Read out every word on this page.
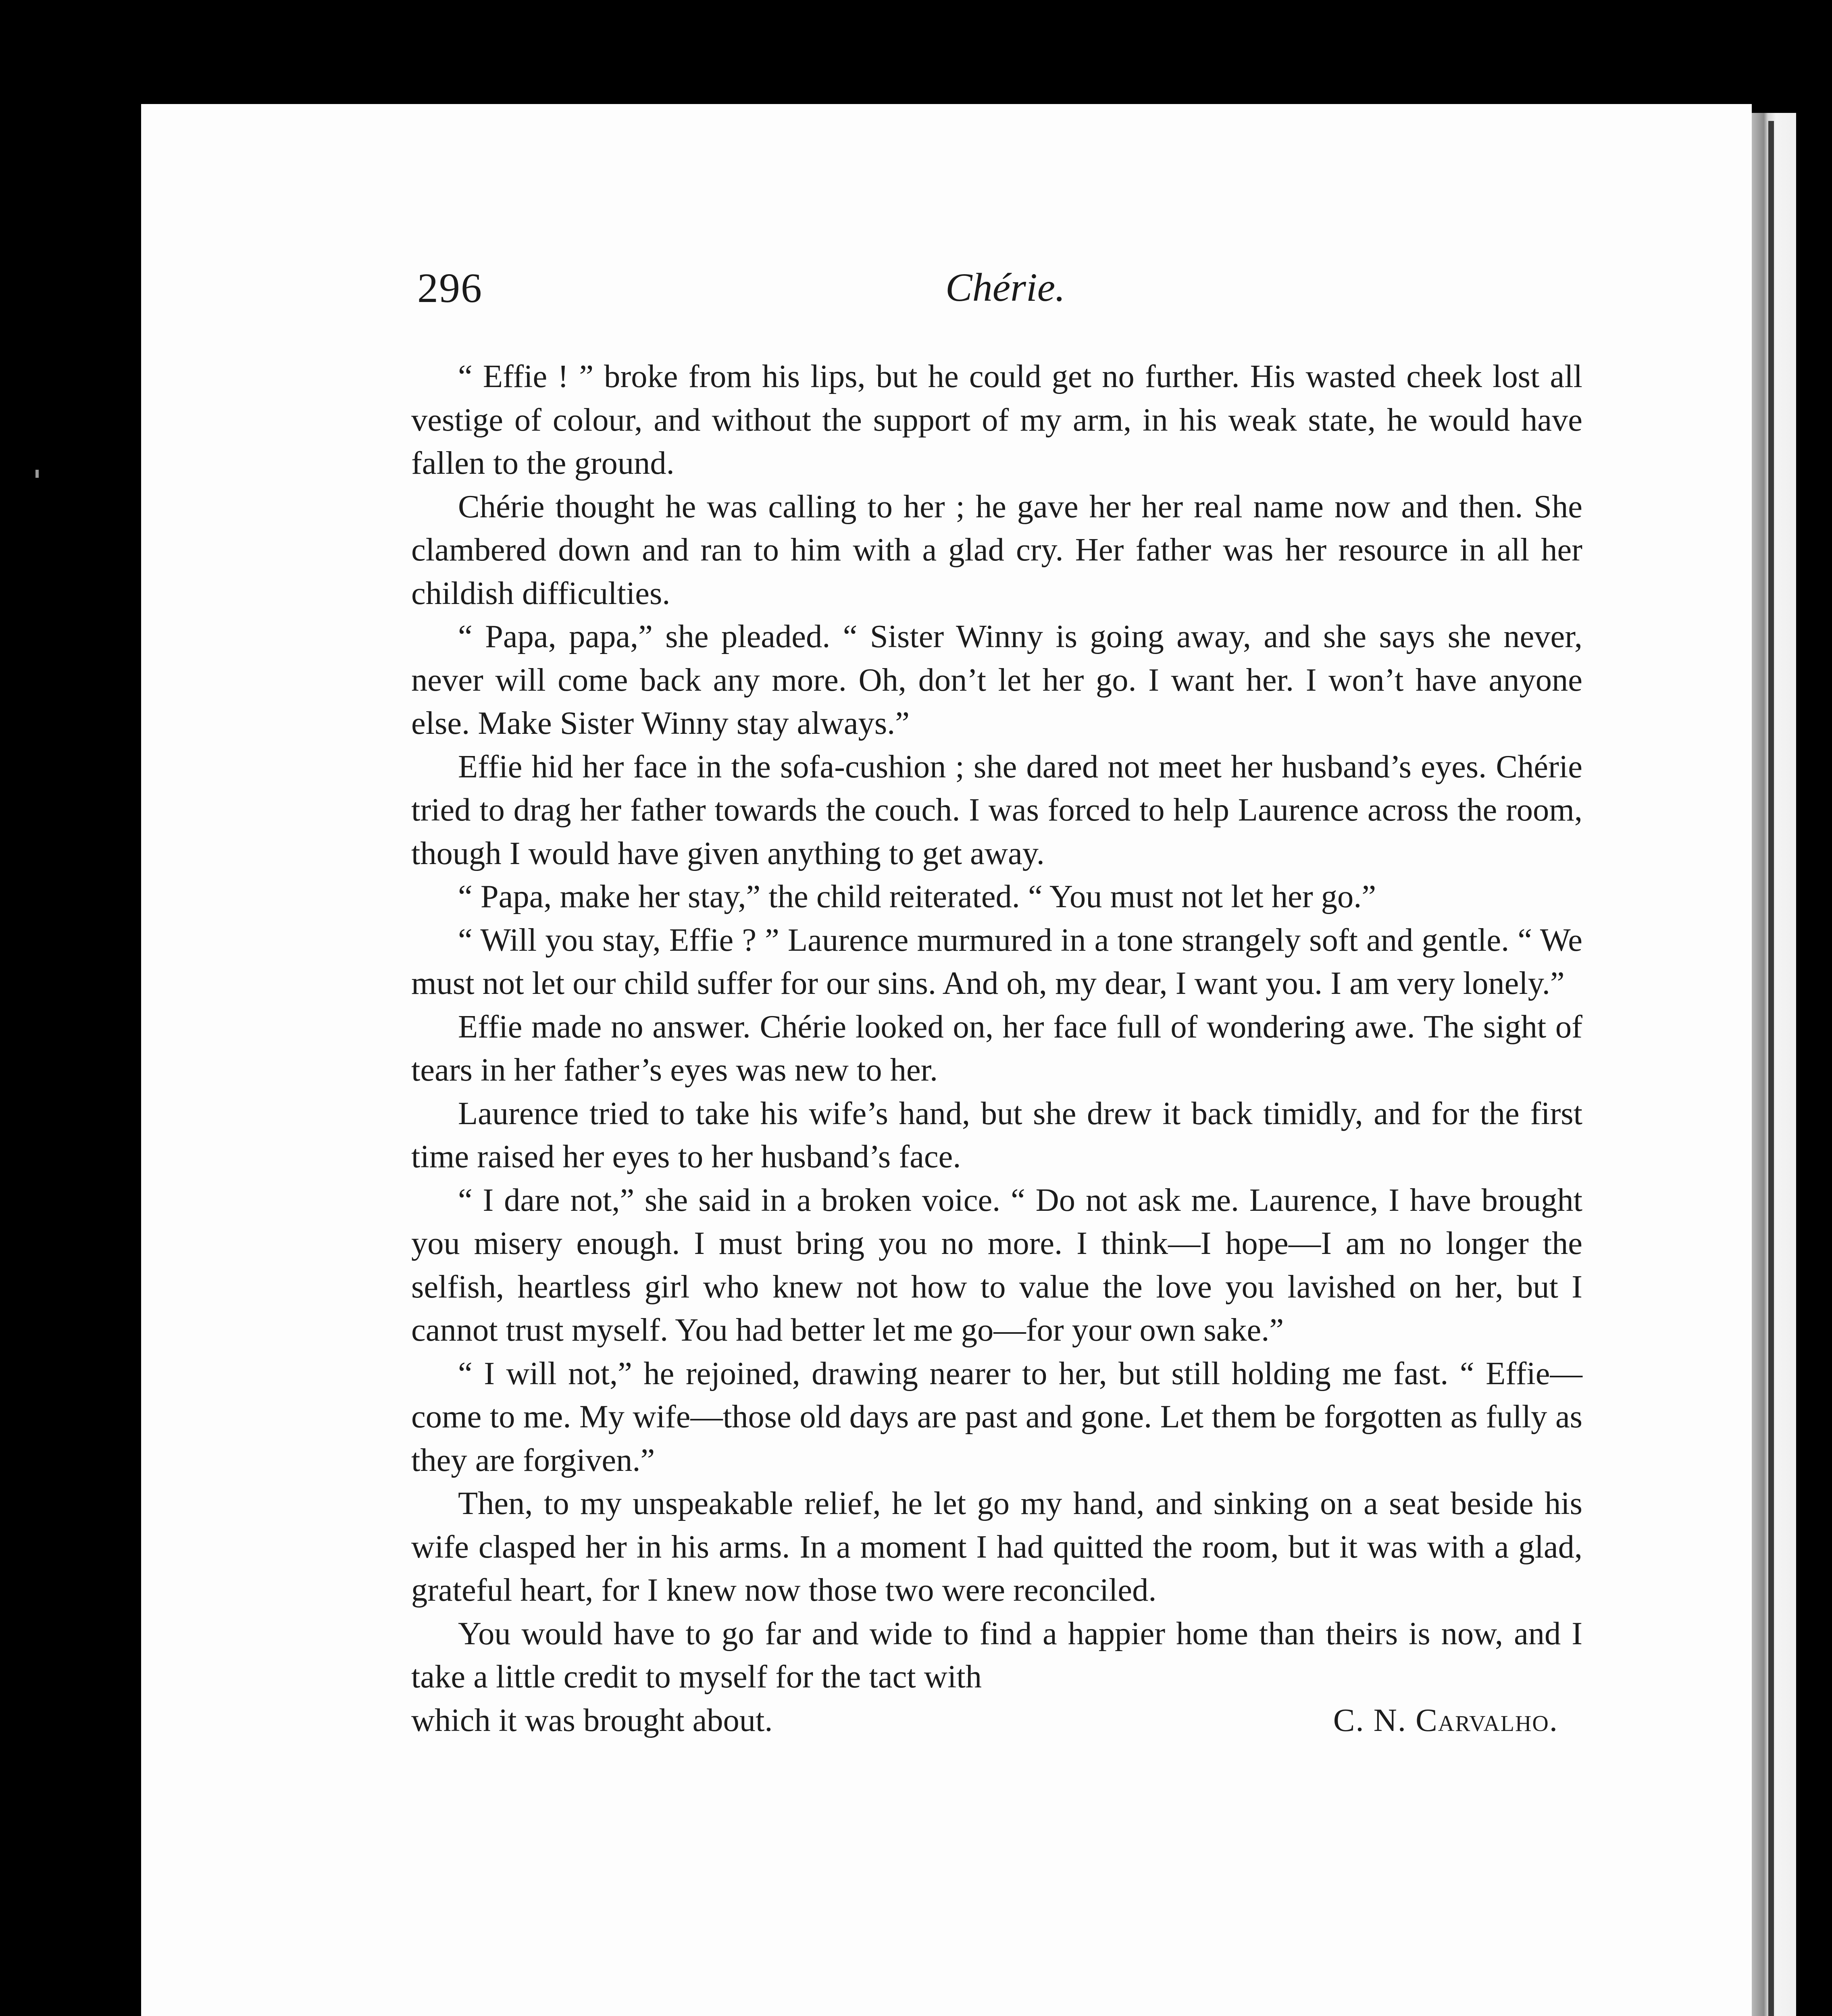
296	Chérie.

“ Effie ! ” broke from his lips, but he could get no further. His wasted cheek lost all vestige of colour, and without the support of my arm, in his weak state, he would have fallen to the ground.

Chérie thought he was calling to her ; he gave her her real name now and then. She clambered down and ran to him with a glad cry. Her father was her resource in all her childish difficulties.

“ Papa, papa,” she pleaded. “ Sister Winny is going away, and she says she never, never will come back any more. Oh, don’t let her go. I want her. I won’t have anyone else. Make Sister Winny stay always.”

Effie hid her face in the sofa-cushion ; she dared not meet her husband’s eyes. Chérie tried to drag her father towards the couch. I was forced to help Laurence across the room, though I would have given anything to get away.

“ Papa, make her stay,” the child reiterated. “ You must not let her go.”

“ Will you stay, Effie ? ” Laurence murmured in a tone strangely soft and gentle. “ We must not let our child suffer for our sins. And oh, my dear, I want you. I am very lonely.”

Effie made no answer. Chérie looked on, her face full of wondering awe. The sight of tears in her father’s eyes was new to her.

Laurence tried to take his wife’s hand, but she drew it back timidly, and for the first time raised her eyes to her husband’s face.

“ I dare not,” she said in a broken voice. “ Do not ask me. Laurence, I have brought you misery enough. I must bring you no more. I think—I hope—I am no longer the selfish, heartless girl who knew not how to value the love you lavished on her, but I cannot trust myself. You had better let me go—for your own sake.”

“ I will not,” he rejoined, drawing nearer to her, but still holding me fast. “ Effie—come to me. My wife—those old days are past and gone. Let them be forgotten as fully as they are forgiven.”

Then, to my unspeakable relief, he let go my hand, and sinking on a seat beside his wife clasped her in his arms. In a moment I had quitted the room, but it was with a glad, grateful heart, for I knew now those two were reconciled.

You would have to go far and wide to find a happier home than theirs is now, and I take a little credit to myself for the tact with

which it was brought about.	C. N. Carvalho.
